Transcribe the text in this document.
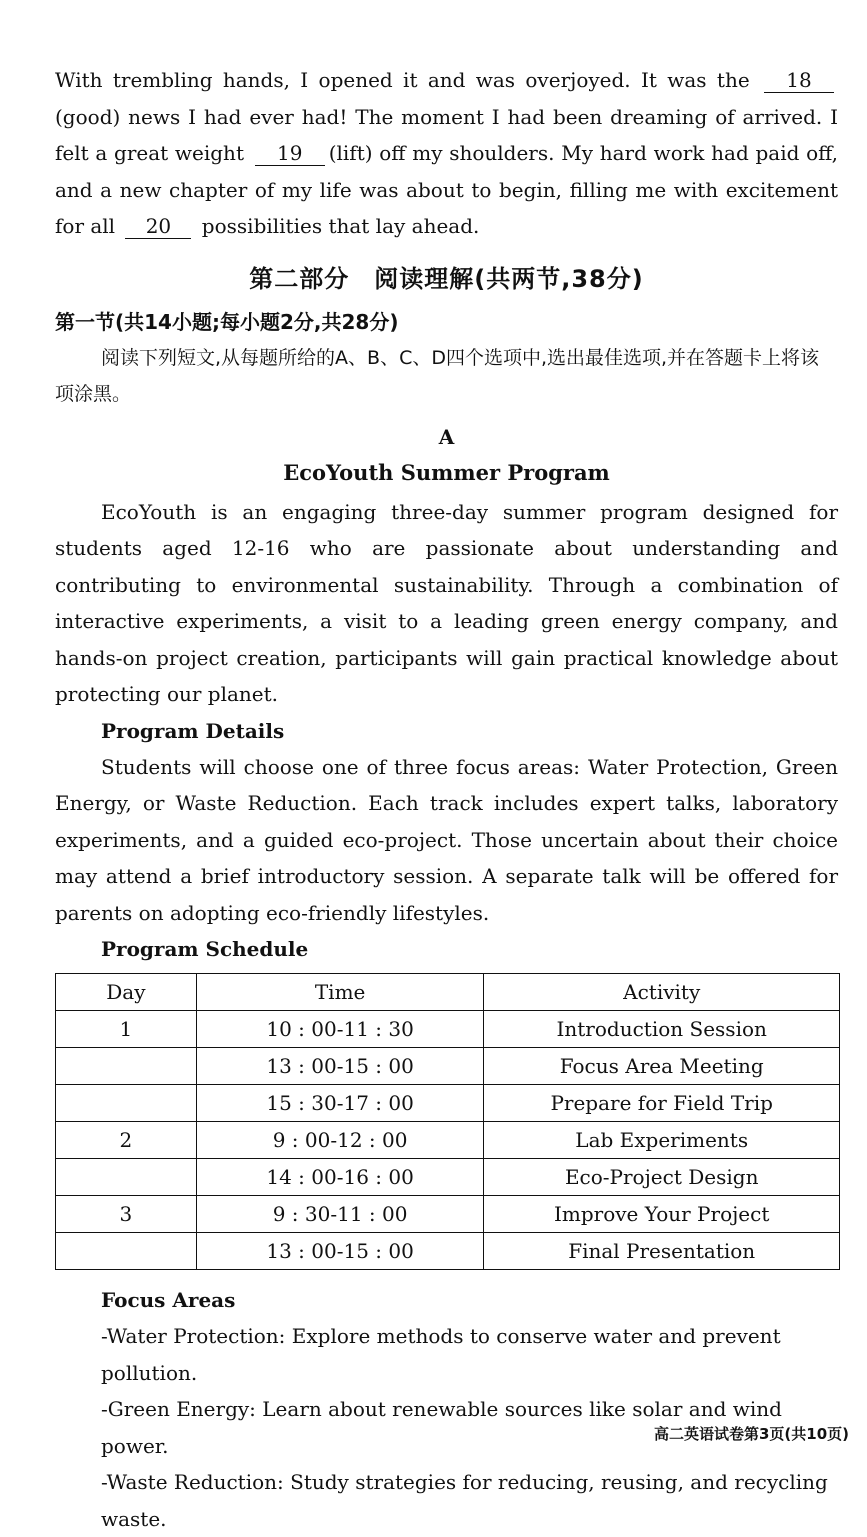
With trembling hands, I opened it and was overjoyed. It was the 18(good) news I had ever had! The moment I had been dreaming of arrived. I felt a great weight 19 (lift) off my shoulders. My hard work had paid off, and a new chapter of my life was about to begin, filling me with excitement for all 20 possibilities that lay ahead.

第二部分　阅读理解(共两节,38分)

第一节(共14小题;每小题2分,共28分)

阅读下列短文,从每题所给的A、B、C、D四个选项中,选出最佳选项,并在答题卡上将该项涂黑。

A
EcoYouth Summer Program

EcoYouth is an engaging three-day summer program designed for students aged 12-16 who are passionate about understanding and contributing to environmental sustainability. Through a combination of interactive experiments, a visit to a leading green energy company, and hands-on project creation, participants will gain practical knowledge about protecting our planet.

Program Details

Students will choose one of three focus areas: Water Protection, Green Energy, or Waste Reduction. Each track includes expert talks, laboratory experiments, and a guided eco-project. Those uncertain about their choice may attend a brief introductory session. A separate talk will be offered for parents on adopting eco-friendly lifestyles.

Program Schedule

Day	Time	Activity
1	10 : 00-11 : 30	Introduction Session
	13 : 00-15 : 00	Focus Area Meeting
	15 : 30-17 : 00	Prepare for Field Trip
2	9 : 00-12 : 00	Lab Experiments
	14 : 00-16 : 00	Eco-Project Design
3	9 : 30-11 : 00	Improve Your Project
	13 : 00-15 : 00	Final Presentation

Focus Areas

-Water Protection: Explore methods to conserve water and prevent pollution.

-Green Energy: Learn about renewable sources like solar and wind power.

-Waste Reduction: Study strategies for reducing, reusing, and recycling waste.

高二英语试卷第3页(共10页)
